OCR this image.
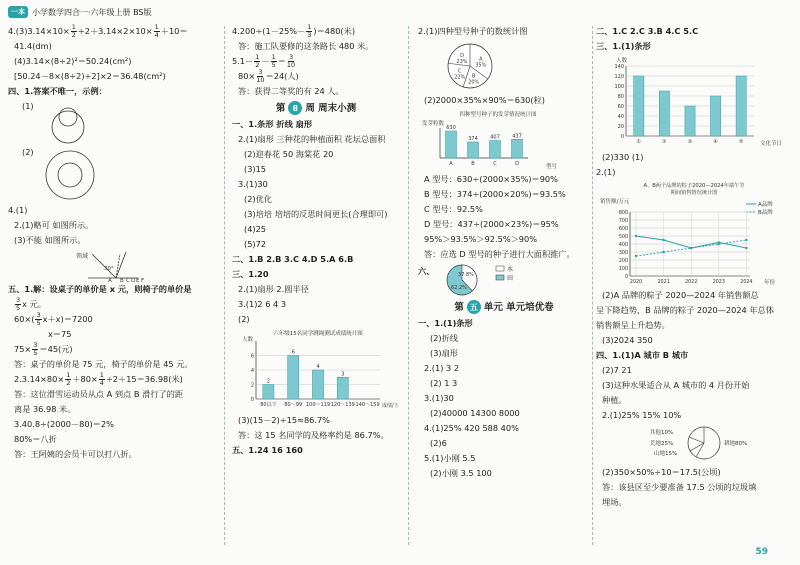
一本 小学数学四合一·六年级上册 BS版
$4.(3)3.14\times 10\times \frac{1}{2} \div 2+3.14\times 2\times 10\times \frac{1}{4} +10=$
41.4(dm)
(4)3.14×(8÷2)²＝50.24(cm²)
[50.24－8×(8÷2)÷2]×2＝36.48(cm²)
四、1.答案不唯一，示例：
(1)
(2)
4.(1)
2.(1)略可 如图所示。
(3)不能 如图所示。
领域
30°
B C D E F
A
五、1.解：设桌子的单价是 x 元，则椅子的单价是
$\frac{3}{5}$ x 元。
$60\times( \frac{3}{5} x+x)=7200$
x＝75
$75\times \frac{3}{5} =45$(元)
答：桌子的单价是 75 元，椅子的单价是 45 元。
$2.3.14\times 80\times \frac{1}{2} +80\times \frac{1}{4} \div 2+15=36.98$(米)
答：这位滑雪运动员从点 A 到点 B 滑行了的距
离是 36.98 米。
3.40.8÷(2000－80)＝2%
80%＝八折
答：王阿姨的会员卡可以打八折。
$4.200\div(1-25\%- \frac{1}{3} )=480$(米)
答：施工队要修的这条路长 480 米。
$5.1- \frac{1}{2} - \frac{1}{5} = \frac{3}{10}$
$80\times \frac{3}{10} =24$(人)
答：获得二等奖的有 24 人。
第 8 周 周末小测
一、1.条形 折线 扇形
2.(1)扇形 三种花的种植面积 花坛总面积
(2)迎春花 50 海棠花 20
(3)15
3.(1)30
(2)优化
(3)培培 培培的反思时间更长(合理即可)
(4)25
(5)72
二、1.B 2.B 3.C 4.D 5.A 6.B
三、1.20
2.(1)扇形 2.圆半径
3.(1)2 6 4 3
(2)
六年级15名同学跳绳测试成绩统计图
0
2
4
6
2
80以下
6
80～99
4
100～119
3
120～139 140～159
人数
成绩/下
(3)(15－2)÷15≈86.7%
答：这 15 名同学的及格率约是 86.7%。
五、1.24 16 160
2.(1)四种型号种子的数统计图
A
35%
B
20%
C
22%
D
23%
(2)2000×35%×90%＝630(粒)
四种型号种子的发芽情况统计图
发芽粒数
型号
630
A
374
B
407
C
437
D
A 型号：630÷(2000×35%)＝90%
B 型号：374÷(2000×20%)＝93.5%
C 型号：92.5%
D 型号：437÷(2000×23%)＝95%
95%＞93.5%＞92.5%＞90%
答：应选 D 型号的种子进行大面积推广。
六、	水
田
37.8%
62.2%
第 五 单元 单元培优卷
一、1.(1)条形
(2)折线
(3)扇形
2.(1) 3 2
(2) 1 3
3.(1)30
(2)40000 14300 8000
4.(1)25% 420 588 40%
(2)6
5.(1)小刚 5.5
(2)小刚 3.5 100
二、1.C 2.C 3.B 4.C 5.C
三、1.(1)条形
人数
文化节日
0
20
40
60
80
100
120
140
①	②	③	④	⑤
(2)330 (1)
2.(1)
A、B两个品牌的粽子2020—2024年端午节
期间销售情况统计图
销售额/万元	A品牌
B品牌
年份
0
100
200
300
400
500
600
700
800
2020	2021	2022	2023	2024
(2)A 品牌的粽子 2020—2024 年销售额总
呈下降趋势，B 品牌的粽子 2020—2024 年总体
销售额呈上升趋势。
(3)2024 350
四、1.(1)A 城市 B 城市
(2)7 21
(3)这种水果适合从 A 城市的 4 月份开始
种植。
2.(1)25% 15% 10%
其他10%
荒地25%
山地15%
耕地80%
(2)350×50%÷10＝17.5(公顷)
答：该县区至少要准备 17.5 公顷的垃圾填
埋场。
59
